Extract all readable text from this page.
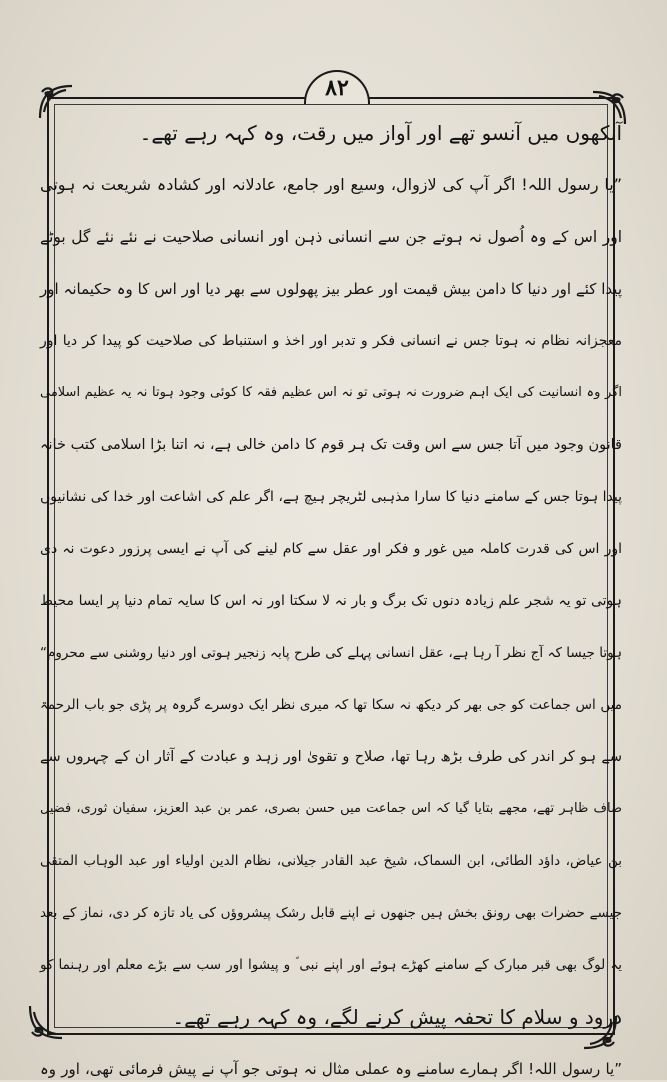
۸۲
آنکھوں میں آنسو تھے اور آواز میں رقت، وہ کہہ رہے تھے۔
”یا رسول اللہ! اگر آپ کی لازوال، وسیع اور جامع، عادلانہ اور کشادہ شریعت نہ ہوتی
اور اس کے وہ اُصول نہ ہوتے جن سے انسانی ذہن اور انسانی صلاحیت نے نئے نئے گل بوٹے
پیدا کئے اور دنیا کا دامن بیش قیمت اور عطر بیز پھولوں سے بھر دیا اور اس کا وہ حکیمانہ اور
معجزانہ نظام نہ ہوتا جس نے انسانی فکر و تدبر اور اخذ و استنباط کی صلاحیت کو پیدا کر دیا اور
اگر وہ انسانیت کی ایک اہم ضرورت نہ ہوتی تو نہ اس عظیم فقہ کا کوئی وجود ہوتا نہ یہ عظیم اسلامی
قانون وجود میں آتا جس سے اس وقت تک ہر قوم کا دامن خالی ہے، نہ اتنا بڑا اسلامی کتب خانہ
پیدا ہوتا جس کے سامنے دنیا کا سارا مذہبی لٹریچر ہیچ ہے، اگر علم کی اشاعت اور خدا کی نشانیوں
اور اس کی قدرت کاملہ میں غور و فکر اور عقل سے کام لینے کی آپ نے ایسی پرزور دعوت نہ دی
ہوتی تو یہ شجر علم زیادہ دنوں تک برگ و بار نہ لا سکتا اور نہ اس کا سایہ تمام دنیا پر ایسا محیط
ہوتا جیسا کہ آج نظر آ رہا ہے، عقل انسانی پہلے کی طرح پابہ زنجیر ہوتی اور دنیا روشنی سے محروم“
میں اس جماعت کو جی بھر کر دیکھ نہ سکا تھا کہ میری نظر ایک دوسرے گروہ پر پڑی جو باب الرحمۃ
سے ہو کر اندر کی طرف بڑھ رہا تھا، صلاح و تقویٰ اور زہد و عبادت کے آثار ان کے چہروں سے
صاف ظاہر تھے، مجھے بتایا گیا کہ اس جماعت میں حسن بصری، عمر بن عبد العزیز، سفیان ثوری، فضیل
بن عیاض، داؤد الطائی، ابن السماک، شیخ عبد القادر جیلانی، نظام الدین اولیاء اور عبد الوہاب المتقی
جیسے حضرات بھی رونق بخش ہیں جنھوں نے اپنے قابل رشک پیشروؤں کی یاد تازہ کر دی، نماز کے بعد
یہ لوگ بھی قبر مبارک کے سامنے کھڑے ہوئے اور اپنے نبی ؐ و پیشوا اور سب سے بڑے معلم اور رہنما کو
درود و سلام کا تحفہ پیش کرنے لگے، وہ کہہ رہے تھے۔
”یا رسول اللہ! اگر ہمارے سامنے وہ عملی مثال نہ ہوتی جو آپ نے پیش فرمائی تھی، اور وہ
